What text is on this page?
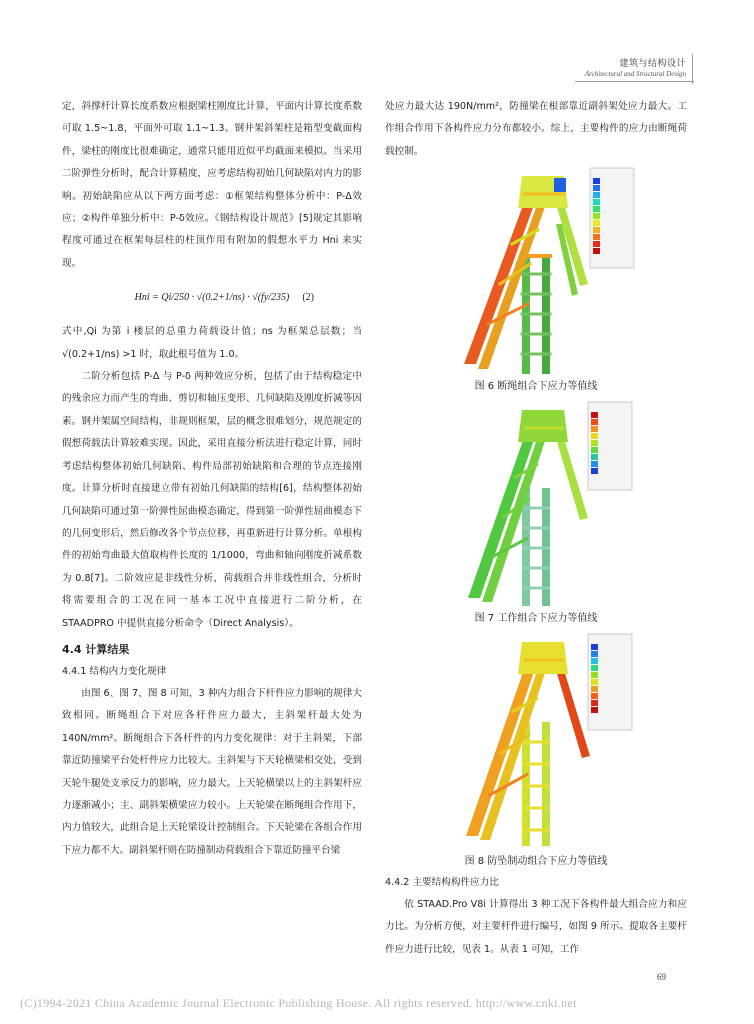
建筑与结构设计
Architectural and Structural Design

定，斜撑杆计算长度系数应根据梁柱刚度比计算，平面内计算长度系数可取 1.5~1.8，平面外可取 1.1~1.3。钢井架斜架柱是箱型变截面构件，梁柱的刚度比很难确定，通常只能用近似平均截面来模拟。当采用二阶弹性分析时，配合计算精度，应考虑结构初始几何缺陷对内力的影响。初始缺陷应从以下两方面考虑：①框架结构整体分析中：P-Δ效应；②构件单独分析中：P-δ效应。《钢结构设计规范》[5]规定其影响程度可通过在框架每层柱的柱顶作用有附加的假想水平力 Hni 来实现。

Hni = Qi/250 · √(0.2+1/ns) · √(fy/235) (2)

式中,Qi 为第 i 楼层的总重力荷载设计值；ns 为框架总层数；当 √(0.2+1/ns) >1 时，取此根号值为 1.0。

二阶分析包括 P-Δ 与 P-δ 两种效应分析，包括了由于结构稳定中的残余应力而产生的弯曲、剪切和轴压变形、几何缺陷及刚度折减等因素。钢井架属空间结构，非规则框架，层的概念很难划分，规范规定的假想荷载法计算较难实现。因此，采用直接分析法进行稳定计算，同时考虑结构整体初始几何缺陷、构件局部初始缺陷和合理的节点连接刚度。计算分析时直接建立带有初始几何缺陷的结构[6]，结构整体初始几何缺陷可通过第一阶弹性屈曲模态确定，得到第一阶弹性屈曲模态下的几何变形后，然后修改各个节点位移，再重新进行计算分析。单根构件的初始弯曲最大值取构件长度的 1/1000，弯曲和轴向刚度折减系数为 0.8[7]。二阶效应是非线性分析，荷载组合并非线性组合，分析时将需要组合的工况在同一基本工况中直接进行二阶分析，在 STAADPRO 中提供直接分析命令（Direct Analysis）。

4.4 计算结果
4.4.1 结构内力变化规律

由图 6、图 7、图 8 可知，3 种内力组合下杆件应力影响的规律大致相同。断绳组合下对应各杆件应力最大，主斜架杆最大处为 140N/mm²。断绳组合下各杆件的内力变化规律：对于主斜架，下部靠近防撞梁平台处杆件应力比较大。主斜架与下天轮横梁相交处，受到天轮牛腿处支承反力的影响，应力最大。上天轮横梁以上的主斜架杆应力逐渐减小；主、副斜架横梁应力较小。上天轮梁在断绳组合作用下，内力值较大，此组合是上天轮梁设计控制组合。下天轮梁在各组合作用下应力都不大。副斜架杆则在防撞制动荷载组合下靠近防撞平台梁

处应力最大达 190N/mm²，防撞梁在根部靠近副斜架处应力最大。工作组合作用下各构件应力分布都较小。综上，主要构件的应力由断绳荷载控制。

图 6 断绳组合下应力等值线
图 7 工作组合下应力等值线
图 8 防坠制动组合下应力等值线
4.4.2 主要结构构件应力比

依 STAAD.Pro V8i 计算得出 3 种工况下各构件最大组合应力和应力比。为分析方便，对主要杆件进行编号，如图 9 所示。提取各主要杆件应力进行比较，见表 1。从表 1 可知，工作

69
(C)1994-2021 China Academic Journal Electronic Publishing House. All rights reserved. http://www.cnki.net
